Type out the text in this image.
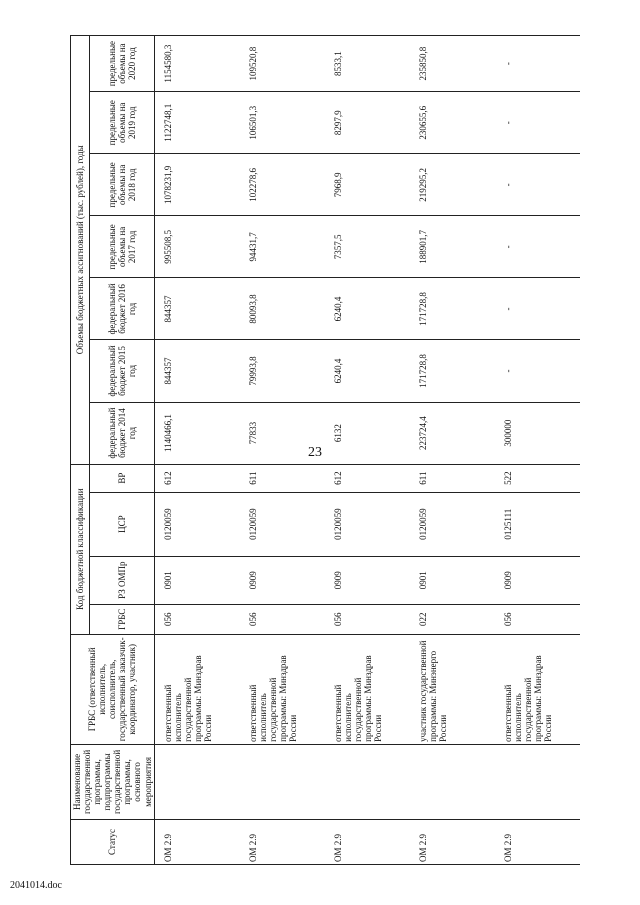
23
2041014.doc
Статус	Наименование государственной программы, подпрограммы государственной программы, основного мероприятия	ГРБС (ответственный исполнитель, соисполнитель, государственный заказчик-координатор, участник)	Код бюджетной классификации				Объемы бюджетных ассигнований (тыс. рублей), годы						
			ГРБС	РЗ ОМПр	ЦСР	ВР	федеральный бюджет 2014 год	федеральный бюджет 2015 год	федеральный бюджет 2016 год	предельные объемы на 2017 год	предельные объемы на 2018 год	предельные объемы на 2019 год	предельные объемы на 2020 год
ОМ 2.9		ответственный исполнитель государственной программы: Минздрав России	056	0901	0120059	612	1140466,1	844357	844357	995508,5	1078231,9	1122748,1	1154580,3
ОМ 2.9		ответственный исполнитель государственной программы: Минздрав России	056	0909	0120059	611	77833	79993,8	80093,8	94431,7	102278,6	106501,3	109520,8
ОМ 2.9		ответственный исполнитель государственной программы: Минздрав России	056	0909	0120059	612	6132	6240,4	6240,4	7357,5	7968,9	8297,9	8533,1
ОМ 2.9		участник государственной программы: Минэнерго России	022	0901	0120059	611	223724,4	171728,8	171728,8	188901,7	219295,2	230655,6	235850,8
ОМ 2.9		ответственный исполнитель государственной программы: Минздрав России	056	0909	0125111	522	300000	-	-	-	-	-	-
